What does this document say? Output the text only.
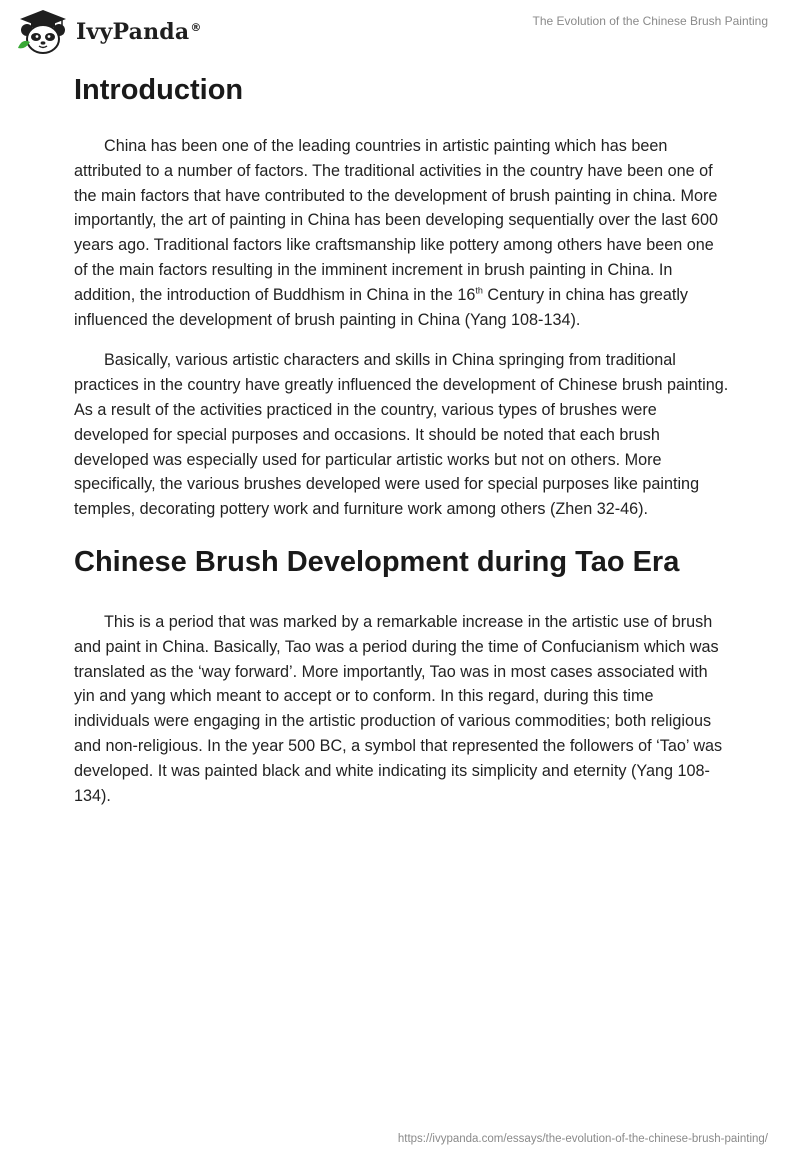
IvyPanda®	The Evolution of the Chinese Brush Painting
Introduction

China has been one of the leading countries in artistic painting which has been attributed to a number of factors. The traditional activities in the country have been one of the main factors that have contributed to the development of brush painting in china. More importantly, the art of painting in China has been developing sequentially over the last 600 years ago. Traditional factors like craftsmanship like pottery among others have been one of the main factors resulting in the imminent increment in brush painting in China. In addition, the introduction of Buddhism in China in the 16th Century in china has greatly influenced the development of brush painting in China (Yang 108-134).

Basically, various artistic characters and skills in China springing from traditional practices in the country have greatly influenced the development of Chinese brush painting. As a result of the activities practiced in the country, various types of brushes were developed for special purposes and occasions. It should be noted that each brush developed was especially used for particular artistic works but not on others. More specifically, the various brushes developed were used for special purposes like painting temples, decorating pottery work and furniture work among others (Zhen 32-46).

Chinese Brush Development during Tao Era

This is a period that was marked by a remarkable increase in the artistic use of brush and paint in China. Basically, Tao was a period during the time of Confucianism which was translated as the ‘way forward’. More importantly, Tao was in most cases associated with yin and yang which meant to accept or to conform. In this regard, during this time individuals were engaging in the artistic production of various commodities; both religious and non-religious. In the year 500 BC, a symbol that represented the followers of ‘Tao’ was developed. It was painted black and white indicating its simplicity and eternity (Yang 108-134).

https://ivypanda.com/essays/the-evolution-of-the-chinese-brush-painting/
